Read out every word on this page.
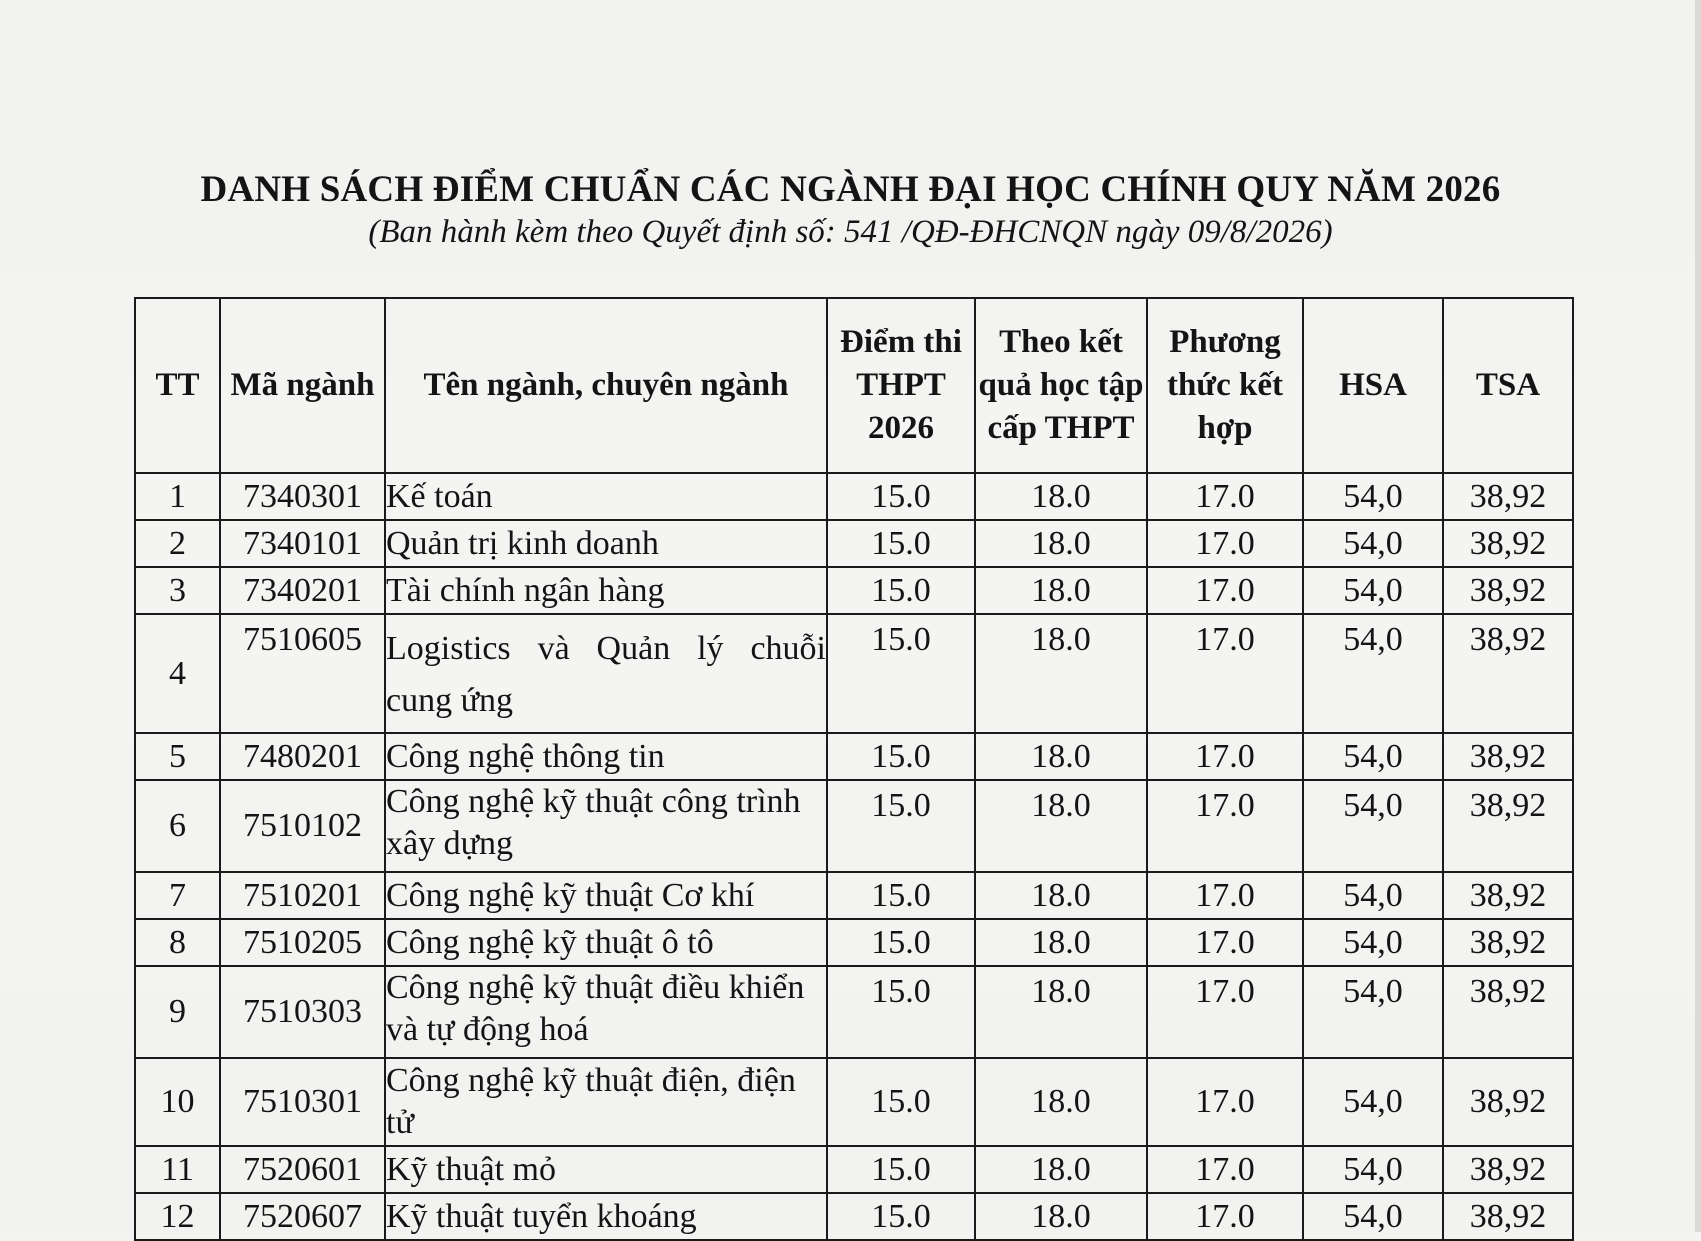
DANH SÁCH ĐIỂM CHUẨN CÁC NGÀNH ĐẠI HỌC CHÍNH QUY NĂM 2026
(Ban hành kèm theo Quyết định số: 541 /QĐ-ĐHCNQN ngày 09/8/2026)
TT	Mã ngành	Tên ngành, chuyên ngành	Điểm thi THPT 2026	Theo kết quả học tập cấp THPT	Phương thức kết hợp	HSA	TSA
1	7340301	Kế toán	15.0	18.0	17.0	54,0	38,92
2	7340101	Quản trị kinh doanh	15.0	18.0	17.0	54,0	38,92
3	7340201	Tài chính ngân hàng	15.0	18.0	17.0	54,0	38,92
4	7510605	Logistics và Quản lý chuỗi cung ứng	15.0	18.0	17.0	54,0	38,92
5	7480201	Công nghệ thông tin	15.0	18.0	17.0	54,0	38,92
6	7510102	Công nghệ kỹ thuật công trình xây dựng	15.0	18.0	17.0	54,0	38,92
7	7510201	Công nghệ kỹ thuật Cơ khí	15.0	18.0	17.0	54,0	38,92
8	7510205	Công nghệ kỹ thuật ô tô	15.0	18.0	17.0	54,0	38,92
9	7510303	Công nghệ kỹ thuật điều khiển và tự động hoá	15.0	18.0	17.0	54,0	38,92
10	7510301	Công nghệ kỹ thuật điện, điện tử	15.0	18.0	17.0	54,0	38,92
11	7520601	Kỹ thuật mỏ	15.0	18.0	17.0	54,0	38,92
12	7520607	Kỹ thuật tuyển khoáng	15.0	18.0	17.0	54,0	38,92
